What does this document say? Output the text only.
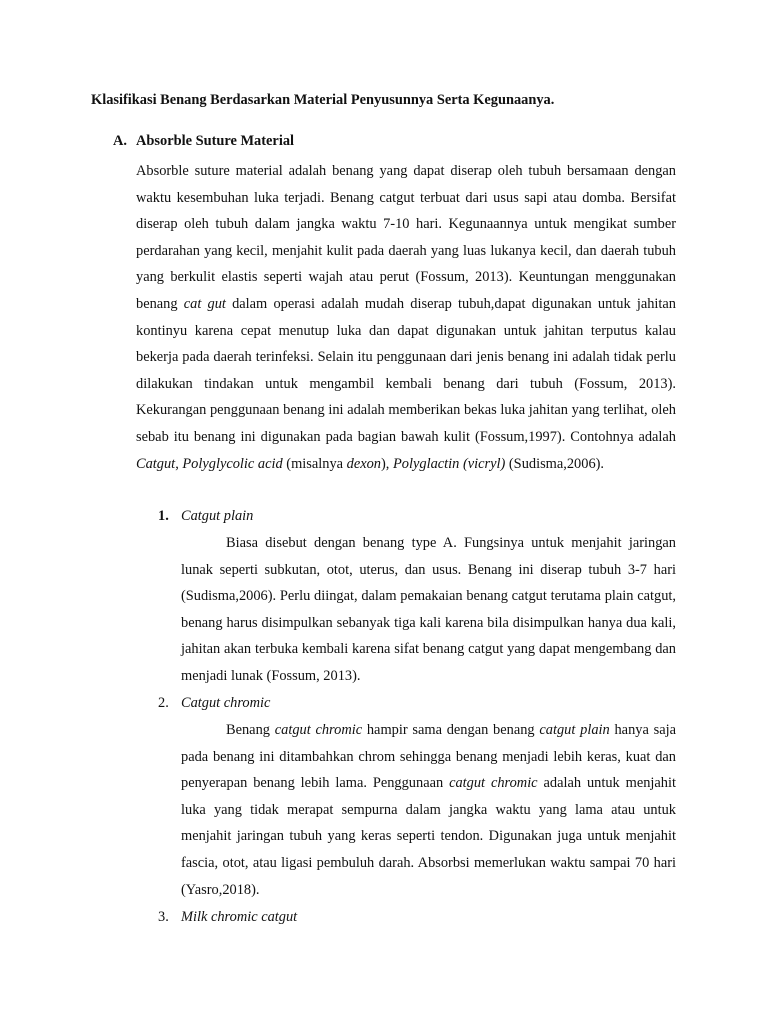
Klasifikasi Benang Berdasarkan Material Penyusunnya Serta Kegunaanya.
A. Absorble Suture Material

Absorble suture material adalah benang yang dapat diserap oleh tubuh bersamaan dengan waktu kesembuhan luka terjadi. Benang catgut terbuat dari usus sapi atau domba. Bersifat diserap oleh tubuh dalam jangka waktu 7-10 hari. Kegunaannya untuk mengikat sumber perdarahan yang kecil, menjahit kulit pada daerah yang luas lukanya kecil, dan daerah tubuh yang berkulit elastis seperti wajah atau perut (Fossum, 2013). Keuntungan menggunakan benang cat gut dalam operasi adalah mudah diserap tubuh,dapat digunakan untuk jahitan kontinyu karena cepat menutup luka dan dapat digunakan untuk jahitan terputus kalau bekerja pada daerah terinfeksi. Selain itu penggunaan dari jenis benang ini adalah tidak perlu dilakukan tindakan untuk mengambil kembali benang dari tubuh (Fossum, 2013). Kekurangan penggunaan benang ini adalah memberikan bekas luka jahitan yang terlihat, oleh sebab itu benang ini digunakan pada bagian bawah kulit (Fossum,1997). Contohnya adalah Catgut, Polyglycolic acid (misalnya dexon), Polyglactin (vicryl) (Sudisma,2006).

1. Catgut plain

Biasa disebut dengan benang type A. Fungsinya untuk menjahit jaringan lunak seperti subkutan, otot, uterus, dan usus. Benang ini diserap tubuh 3-7 hari (Sudisma,2006). Perlu diingat, dalam pemakaian benang catgut terutama plain catgut, benang harus disimpulkan sebanyak tiga kali karena bila disimpulkan hanya dua kali, jahitan akan terbuka kembali karena sifat benang catgut yang dapat mengembang dan menjadi lunak (Fossum, 2013).

2. Catgut chromic

Benang catgut chromic hampir sama dengan benang catgut plain hanya saja pada benang ini ditambahkan chrom sehingga benang menjadi lebih keras, kuat dan penyerapan benang lebih lama. Penggunaan catgut chromic adalah untuk menjahit luka yang tidak merapat sempurna dalam jangka waktu yang lama atau untuk menjahit jaringan tubuh yang keras seperti tendon. Digunakan juga untuk menjahit fascia, otot, atau ligasi pembuluh darah. Absorbsi memerlukan waktu sampai 70 hari (Yasro,2018).

3. Milk chromic catgut
